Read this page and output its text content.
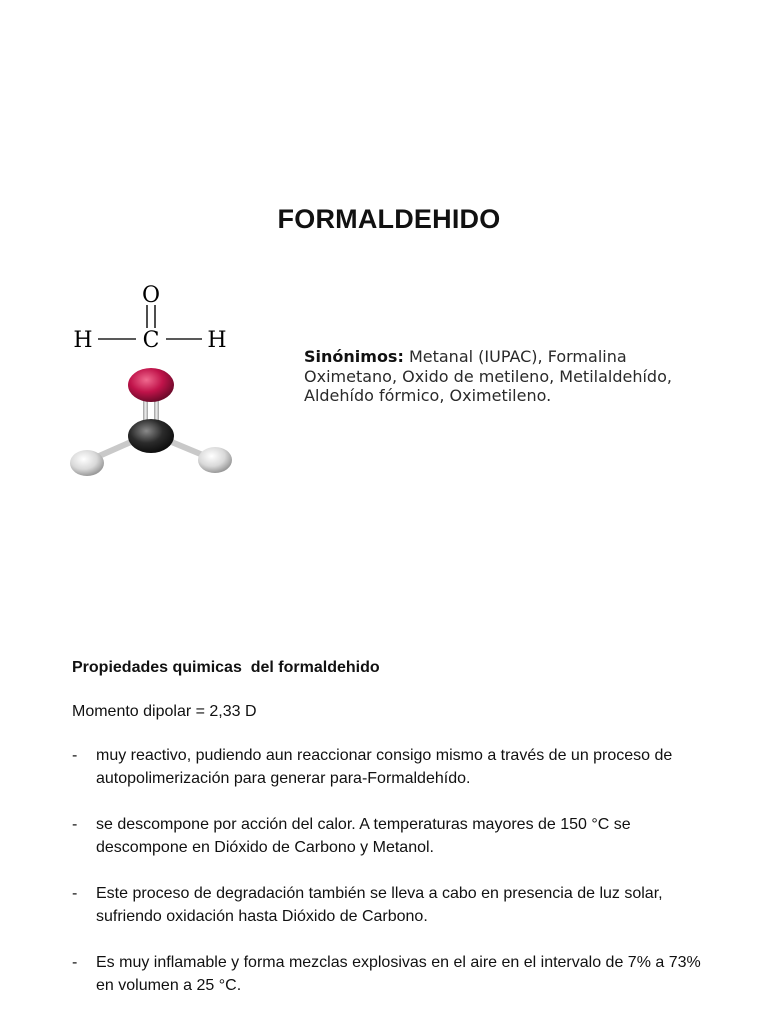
FORMALDEHIDO
O
H C H
Sinónimos: Metanal (IUPAC), Formalina Oximetano, Oxido de metileno, Metilaldehído, Aldehído fórmico, Oximetileno.
Propiedades quimicas  del formaldehido
Momento dipolar = 2,33 D
- muy reactivo, pudiendo aun reaccionar consigo mismo a través de un proceso de autopolimerización para generar para-Formaldehído.
- se descompone por acción del calor. A temperaturas mayores de 150 °C se descompone en Dióxido de Carbono y Metanol.
- Este proceso de degradación también se lleva a cabo en presencia de luz solar, sufriendo oxidación hasta Dióxido de Carbono.
- Es muy inflamable y forma mezclas explosivas en el aire en el intervalo de 7% a 73% en volumen a 25 °C.
